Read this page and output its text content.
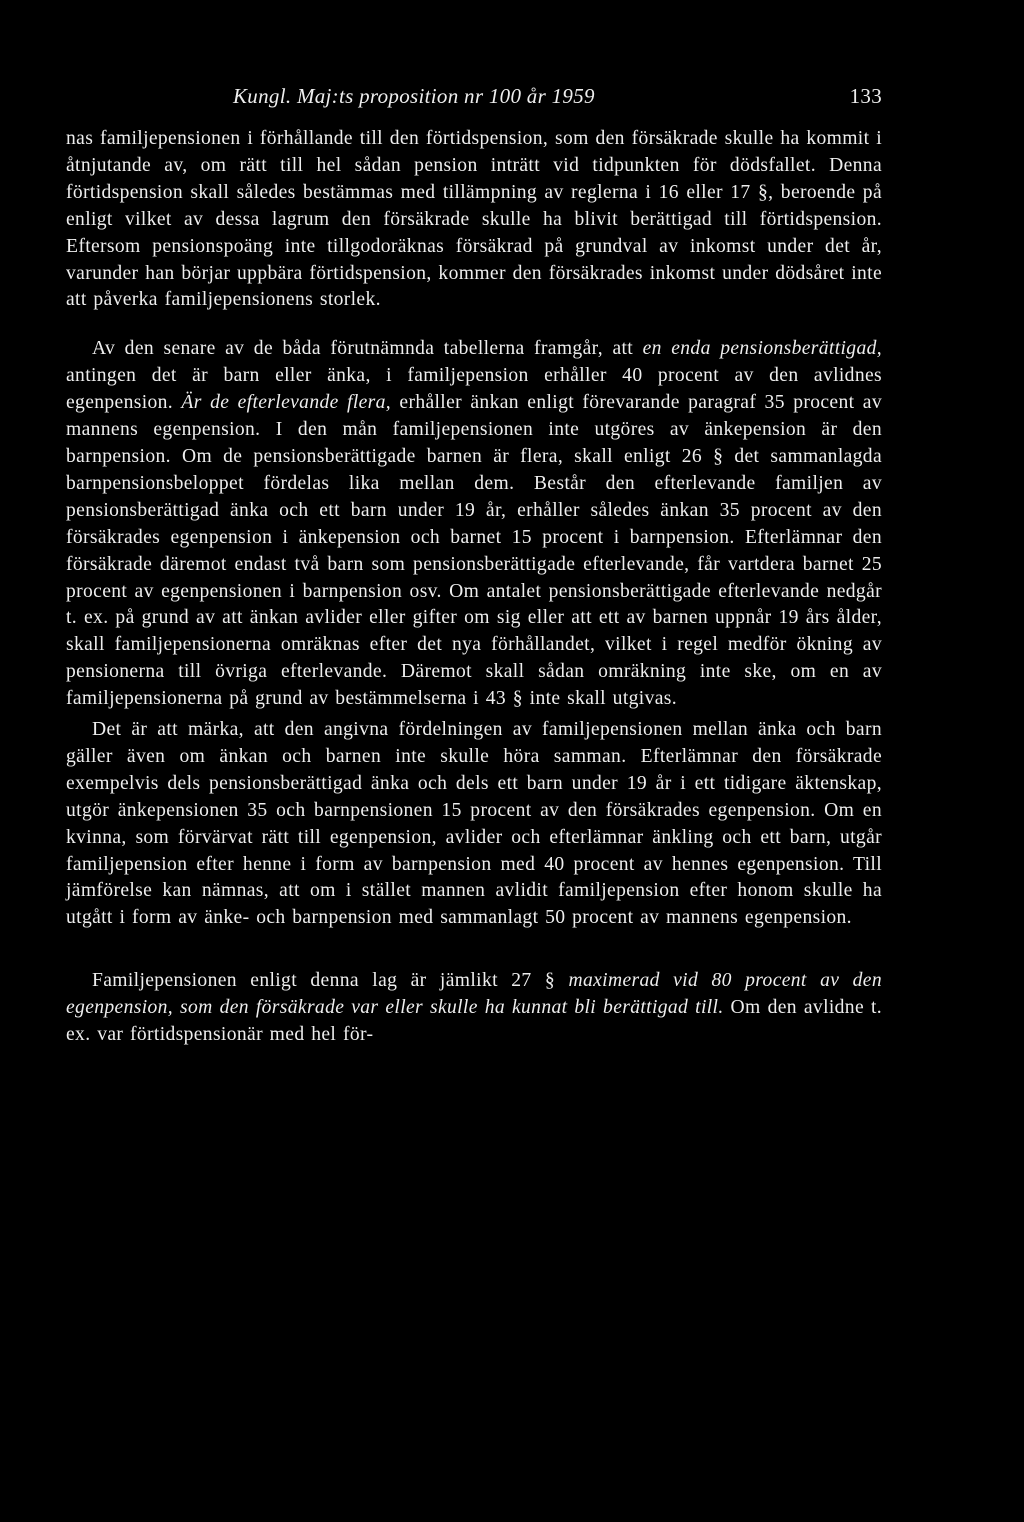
Kungl. Maj:ts proposition nr 100 år 1959	133

nas familjepensionen i förhållande till den förtidspension, som den försäkrade skulle ha kommit i åtnjutande av, om rätt till hel sådan pension inträtt vid tidpunkten för dödsfallet. Denna förtidspension skall således bestämmas med tillämpning av reglerna i 16 eller 17 §, beroende på enligt vilket av dessa lagrum den försäkrade skulle ha blivit berättigad till förtidspension. Eftersom pensionspoäng inte tillgodoräknas försäkrad på grundval av inkomst under det år, varunder han börjar uppbära förtidspension, kommer den försäkrades inkomst under dödsåret inte att påverka familjepensionens storlek.

Av den senare av de båda förutnämnda tabellerna framgår, att en enda pensionsberättigad, antingen det är barn eller änka, i familjepension erhåller 40 procent av den avlidnes egenpension. Är de efterlevande flera, erhåller änkan enligt förevarande paragraf 35 procent av mannens egenpension. I den mån familjepensionen inte utgöres av änkepension är den barnpension. Om de pensionsberättigade barnen är flera, skall enligt 26 § det sammanlagda barnpensionsbeloppet fördelas lika mellan dem. Består den efterlevande familjen av pensionsberättigad änka och ett barn under 19 år, erhåller således änkan 35 procent av den försäkrades egenpension i änkepension och barnet 15 procent i barnpension. Efterlämnar den försäkrade däremot endast två barn som pensionsberättigade efterlevande, får vartdera barnet 25 procent av egenpensionen i barnpension osv. Om antalet pensionsberättigade efterlevande nedgår t. ex. på grund av att änkan avlider eller gifter om sig eller att ett av barnen uppnår 19 års ålder, skall familjepensionerna omräknas efter det nya förhållandet, vilket i regel medför ökning av pensionerna till övriga efterlevande. Däremot skall sådan omräkning inte ske, om en av familjepensionerna på grund av bestämmelserna i 43 § inte skall utgivas.

Det är att märka, att den angivna fördelningen av familjepensionen mellan änka och barn gäller även om änkan och barnen inte skulle höra samman. Efterlämnar den försäkrade exempelvis dels pensionsberättigad änka och dels ett barn under 19 år i ett tidigare äktenskap, utgör änkepensionen 35 och barnpensionen 15 procent av den försäkrades egenpension. Om en kvinna, som förvärvat rätt till egenpension, avlider och efterlämnar änkling och ett barn, utgår familjepension efter henne i form av barnpension med 40 procent av hennes egenpension. Till jämförelse kan nämnas, att om i stället mannen avlidit familjepension efter honom skulle ha utgått i form av änke- och barnpension med sammanlagt 50 procent av mannens egenpension.

Familjepensionen enligt denna lag är jämlikt 27 § maximerad vid 80 procent av den egenpension, som den försäkrade var eller skulle ha kunnat bli berättigad till. Om den avlidne t. ex. var förtidspensionär med hel för-
